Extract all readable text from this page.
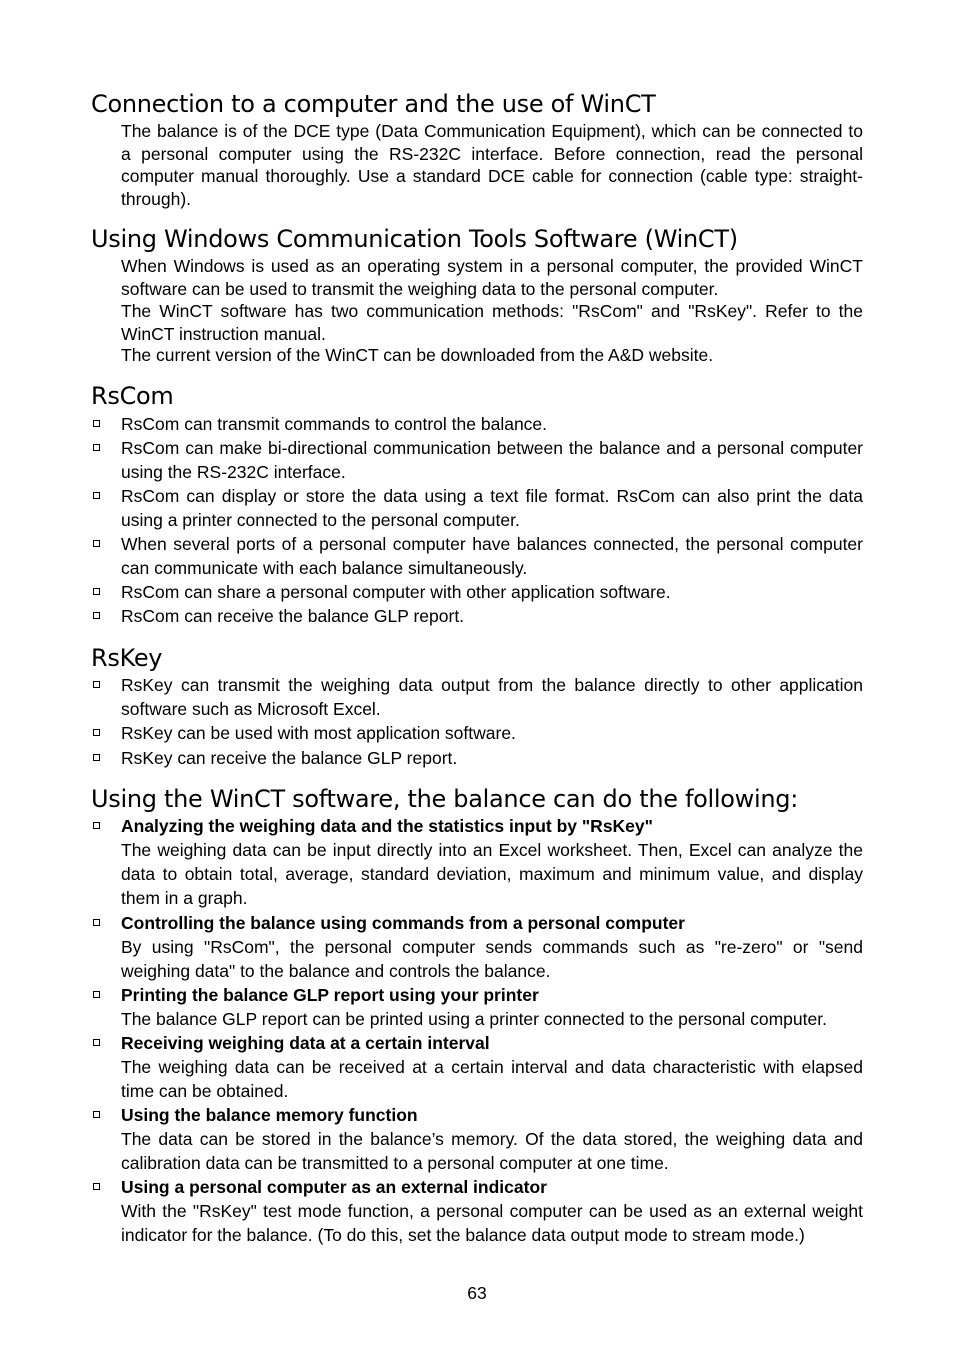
Connection to a computer and the use of WinCT

The balance is of the DCE type (Data Communication Equipment), which can be connected to a personal computer using the RS-232C interface. Before connection, read the personal computer manual thoroughly. Use a standard DCE cable for connection (cable type: straight-through).

Using Windows Communication Tools Software (WinCT)

When Windows is used as an operating system in a personal computer, the provided WinCT software can be used to transmit the weighing data to the personal computer.

The WinCT software has two communication methods: "RsCom" and "RsKey". Refer to the WinCT instruction manual.

The current version of the WinCT can be downloaded from the A&D website.

RsCom
RsCom can transmit commands to control the balance.
RsCom can make bi-directional communication between the balance and a personal computer using the RS-232C interface.
RsCom can display or store the data using a text file format. RsCom can also print the data using a printer connected to the personal computer.
When several ports of a personal computer have balances connected, the personal computer can communicate with each balance simultaneously.
RsCom can share a personal computer with other application software.
RsCom can receive the balance GLP report.
RsKey
RsKey can transmit the weighing data output from the balance directly to other application software such as Microsoft Excel.
RsKey can be used with most application software.
RsKey can receive the balance GLP report.
Using the WinCT software, the balance can do the following:
Analyzing the weighing data and the statistics input by "RsKey"
The weighing data can be input directly into an Excel worksheet. Then, Excel can analyze the data to obtain total, average, standard deviation, maximum and minimum value, and display them in a graph.
Controlling the balance using commands from a personal computer
By using "RsCom", the personal computer sends commands such as "re-zero" or "send weighing data" to the balance and controls the balance.
Printing the balance GLP report using your printer
The balance GLP report can be printed using a printer connected to the personal computer.
Receiving weighing data at a certain interval
The weighing data can be received at a certain interval and data characteristic with elapsed time can be obtained.
Using the balance memory function
The data can be stored in the balance’s memory. Of the data stored, the weighing data and calibration data can be transmitted to a personal computer at one time.
Using a personal computer as an external indicator
With the "RsKey" test mode function, a personal computer can be used as an external weight indicator for the balance. (To do this, set the balance data output mode to stream mode.)
63
